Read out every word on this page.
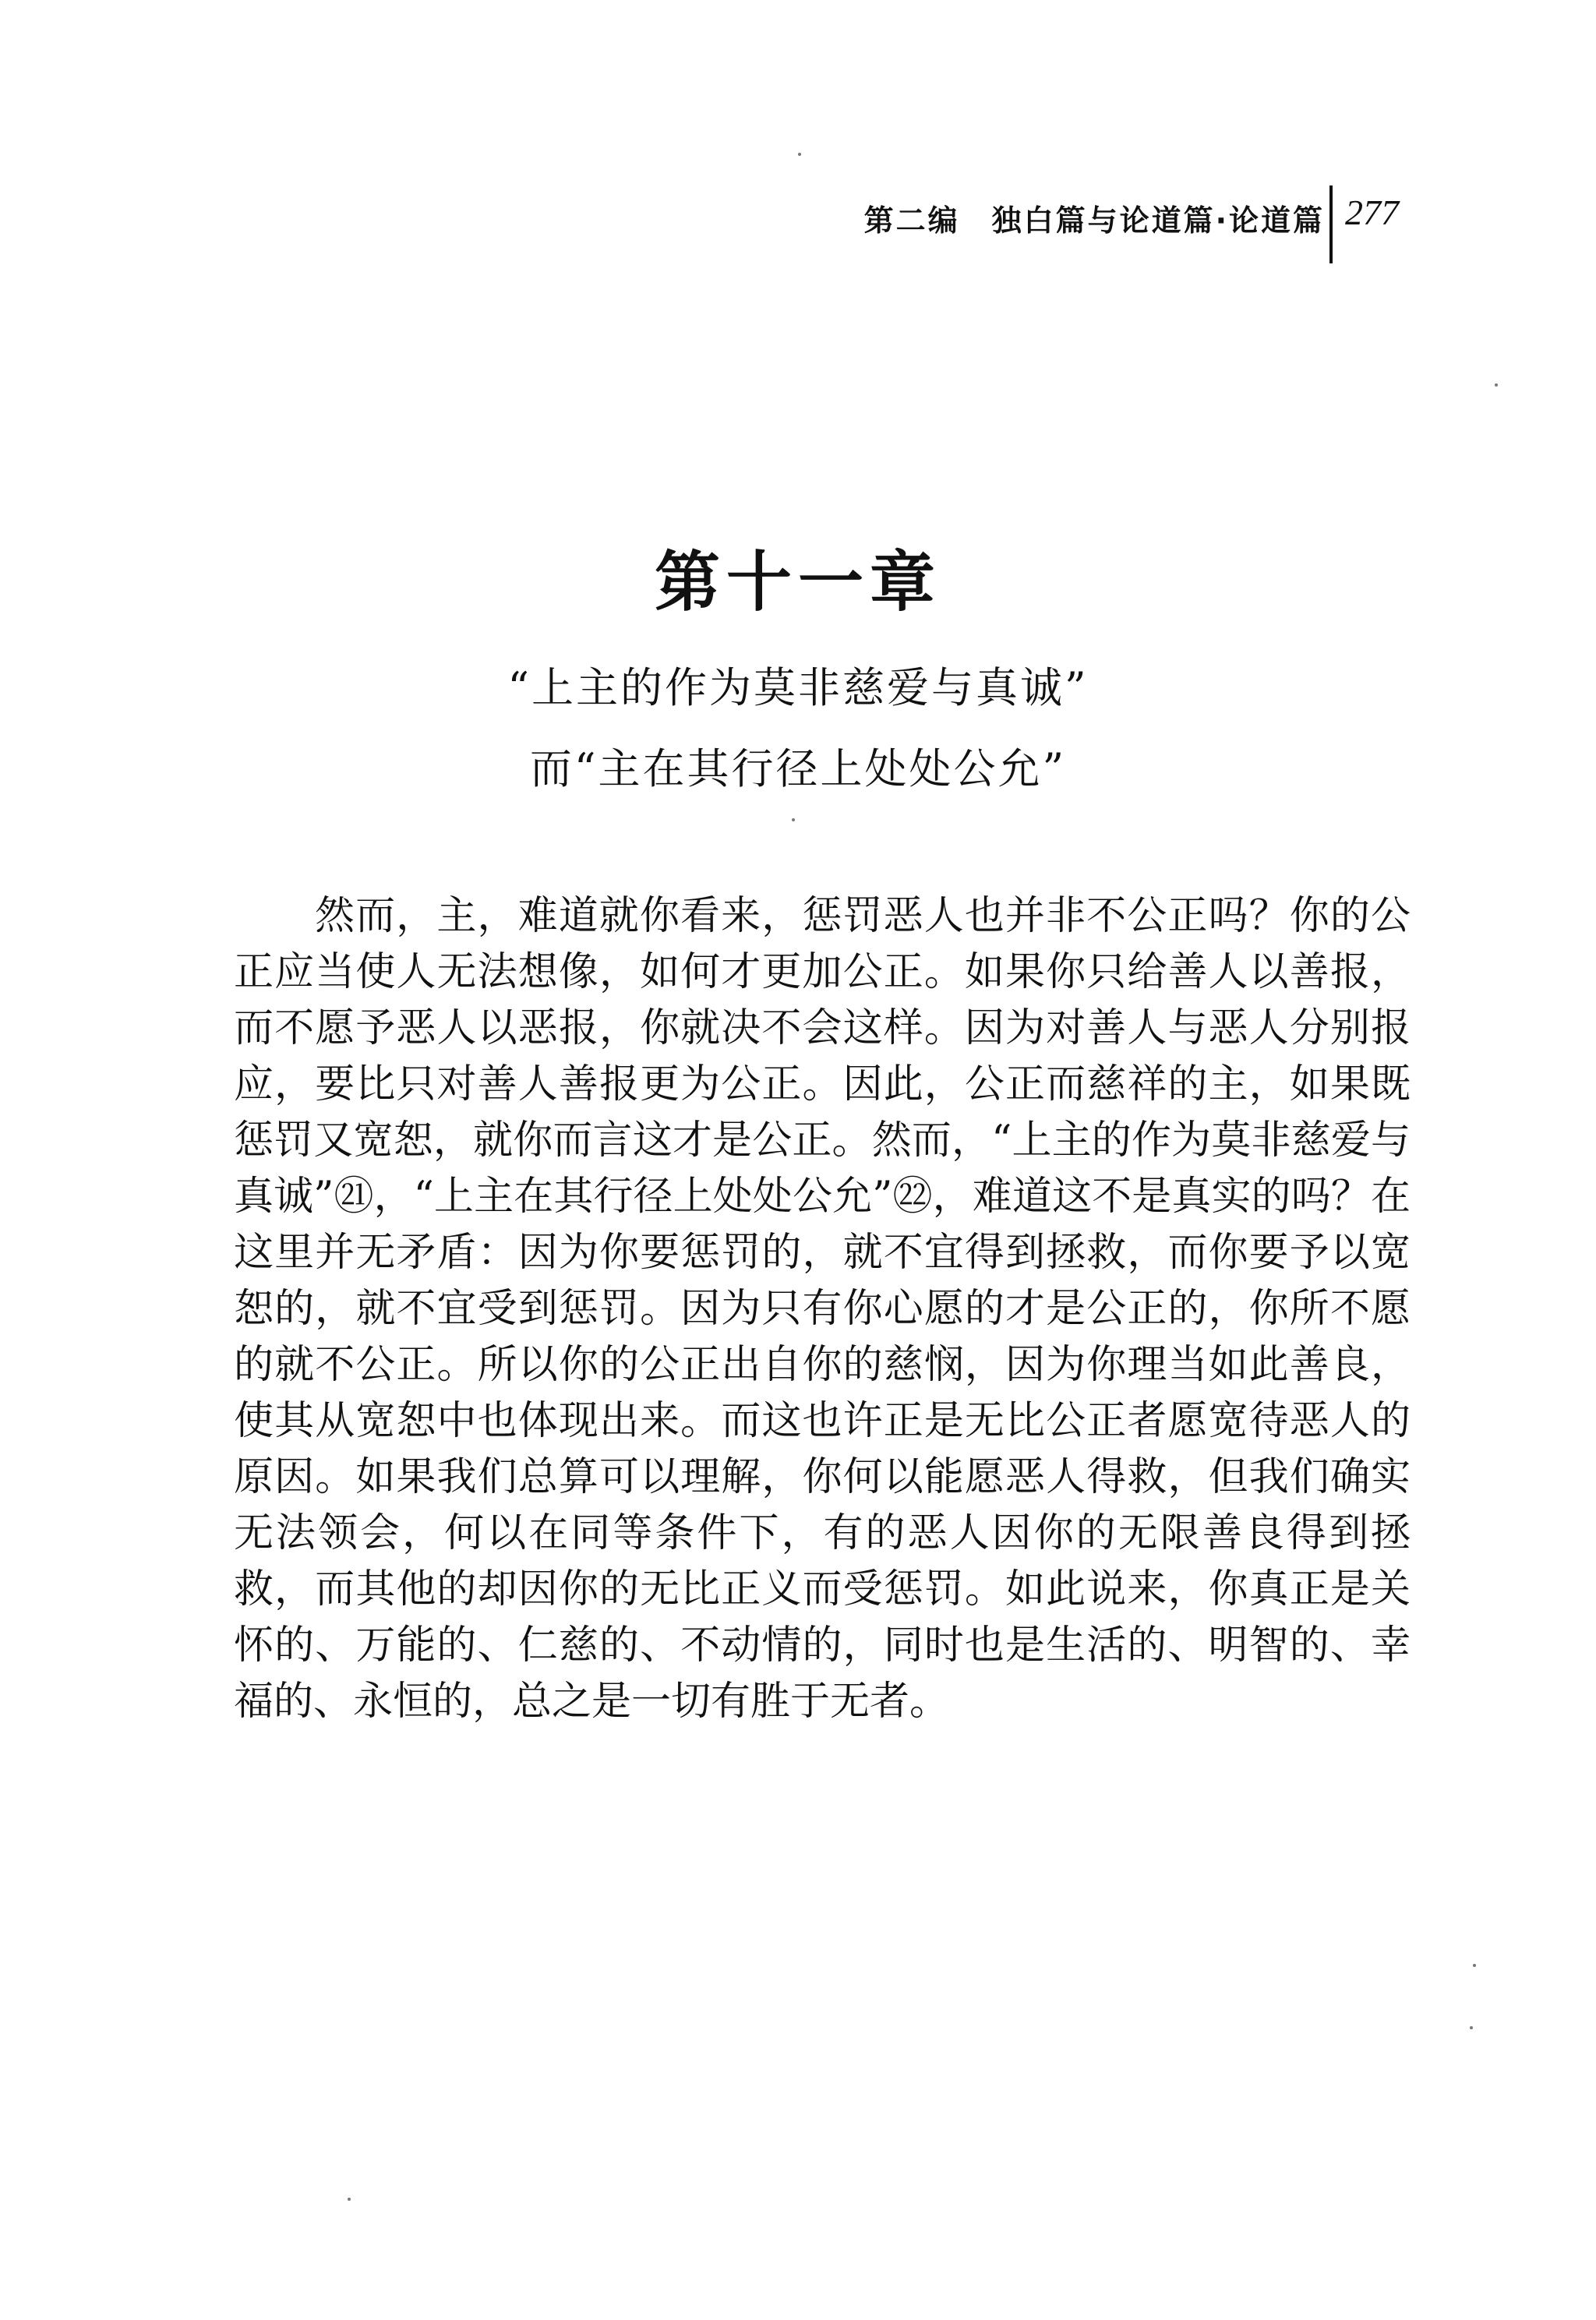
第二编　独白篇与论道篇·论道篇 277
第十一章
“上主的作为莫非慈爱与真诚”
而“主在其行径上处处公允”

然而，主，难道就你看来，惩罚恶人也并非不公正吗？你的公正应当使人无法想像，如何才更加公正。如果你只给善人以善报，而不愿予恶人以恶报，你就决不会这样。因为对善人与恶人分别报应，要比只对善人善报更为公正。因此，公正而慈祥的主，如果既惩罚又宽恕，就你而言这才是公正。然而，“上主的作为莫非慈爱与真诚”㉑，“上主在其行径上处处公允”㉒，难道这不是真实的吗？在这里并无矛盾：因为你要惩罚的，就不宜得到拯救，而你要予以宽恕的，就不宜受到惩罚。因为只有你心愿的才是公正的，你所不愿的就不公正。所以你的公正出自你的慈悯，因为你理当如此善良，使其从宽恕中也体现出来。而这也许正是无比公正者愿宽待恶人的原因。如果我们总算可以理解，你何以能愿恶人得救，但我们确实无法领会，何以在同等条件下，有的恶人因你的无限善良得到拯救，而其他的却因你的无比正义而受惩罚。如此说来，你真正是关怀的、万能的、仁慈的、不动情的，同时也是生活的、明智的、幸福的、永恒的，总之是一切有胜于无者。
